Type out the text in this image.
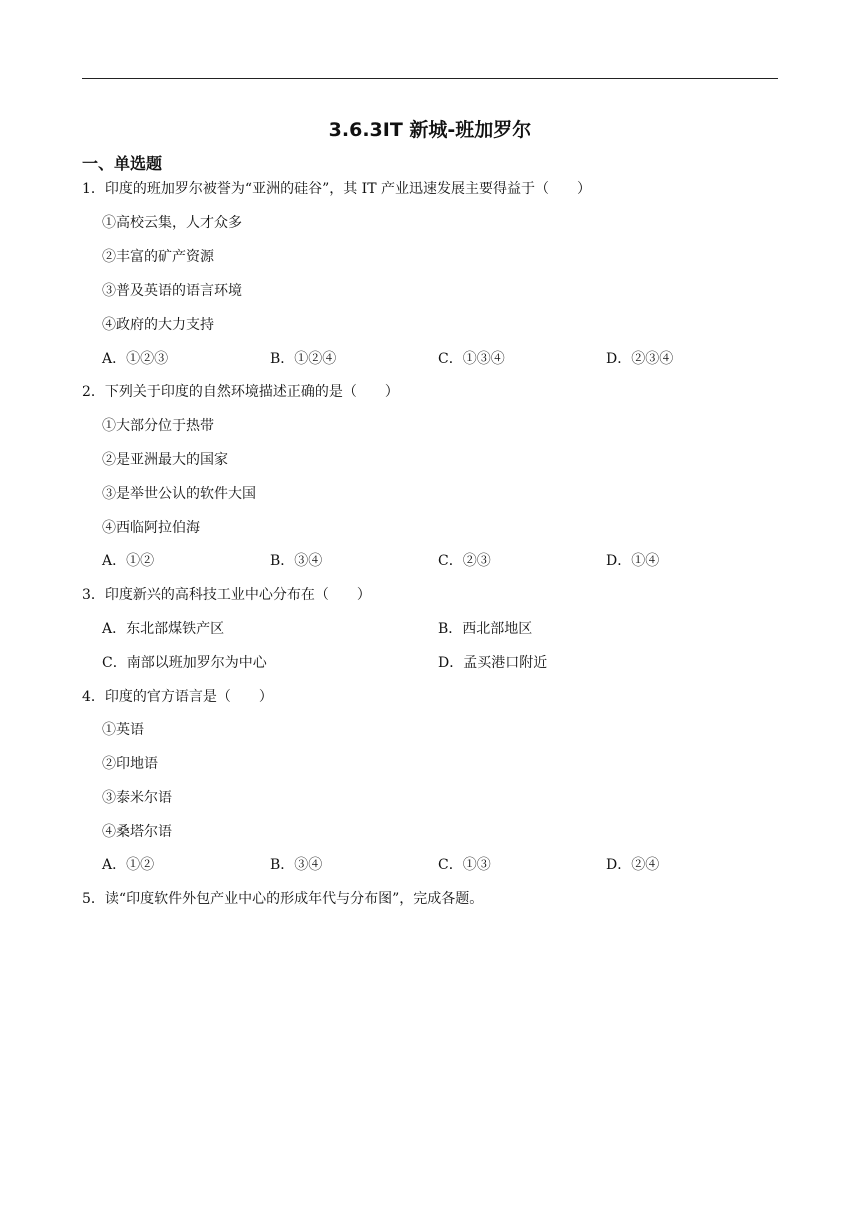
3.6.3IT 新城-班加罗尔
一、单选题
1．印度的班加罗尔被誉为“亚洲的硅谷”，其 IT 产业迅速发展主要得益于（　　）
①高校云集，人才众多
②丰富的矿产资源
③普及英语的语言环境
④政府的大力支持
A．①②③	B．①②④	C．①③④	D．②③④
2．下列关于印度的自然环境描述正确的是（　　）
①大部分位于热带
②是亚洲最大的国家
③是举世公认的软件大国
④西临阿拉伯海
A．①②	B．③④	C．②③	D．①④
3．印度新兴的高科技工业中心分布在（　　）
A．东北部煤铁产区	B．西北部地区
C．南部以班加罗尔为中心	D．孟买港口附近
4．印度的官方语言是（　　）
①英语
②印地语
③泰米尔语
④桑塔尔语
A．①②	B．③④	C．①③	D．②④
5．读“印度软件外包产业中心的形成年代与分布图”，完成各题。
